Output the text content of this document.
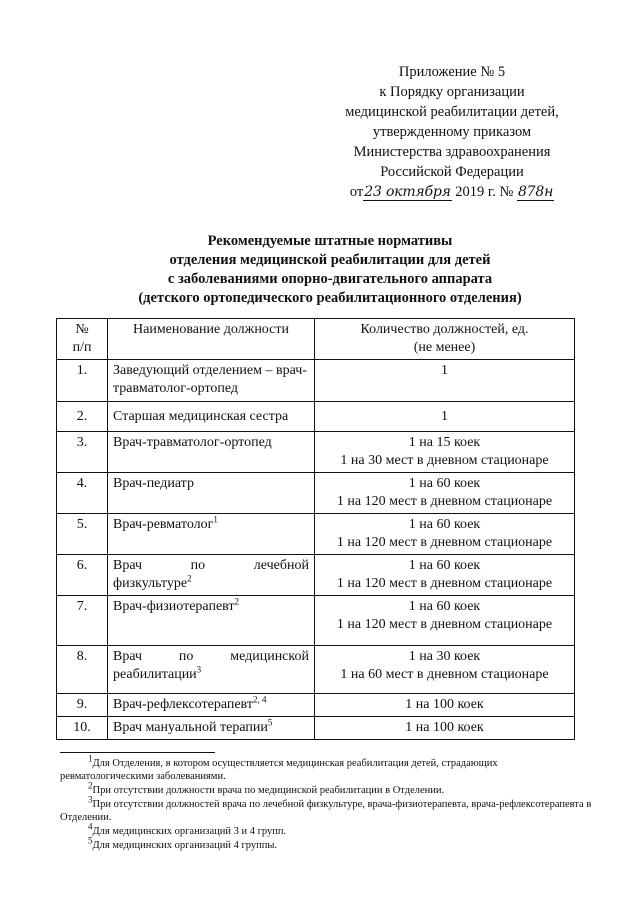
Приложение № 5
к Порядку организации
медицинской реабилитации детей,
утвержденному приказом
Министерства здравоохранения
Российской Федерации
от23 октября 2019 г. № 878н
Рекомендуемые штатные нормативы
отделения медицинской реабилитации для детей
с заболеваниями опорно-двигательного аппарата
(детского ортопедического реабилитационного отделения)
№
п/п	Наименование должности	Количество должностей, ед.
(не менее)
1.	Заведующий отделением – врач-травматолог-ортопед	1
2.	Старшая медицинская сестра	1
3.	Врач-травматолог-ортопед	1 на 15 коек
1 на 30 мест в дневном стационаре
4.	Врач-педиатр	1 на 60 коек
1 на 120 мест в дневном стационаре
5.	Врач-ревматолог$^1$	1 на 60 коек
1 на 120 мест в дневном стационаре
6.	Врач по лечебной
физкультуре$^2$	1 на 60 коек
1 на 120 мест в дневном стационаре
7.	Врач-физиотерапевт$^2$	1 на 60 коек
1 на 120 мест в дневном стационаре
8.	Врач по медицинской
реабилитации$^3$	1 на 30 коек
1 на 60 мест в дневном стационаре
9.	Врач-рефлексотерапевт$^{2, 4}$	1 на 100 коек
10.	Врач мануальной терапии$^5$	1 на 100 коек

$^1$Для Отделения, в котором осуществляется медицинская реабилитация детей, страдающих ревматологическими заболеваниями.

$^2$При отсутствии должности врача по медицинской реабилитации в Отделении.

$^3$При отсутствии должностей врача по лечебной физкультуре, врача-физиотерапевта, врача-рефлексотерапевта в Отделении.

$^4$Для медицинских организаций 3 и 4 групп.

$^5$Для медицинских организаций 4 группы.
